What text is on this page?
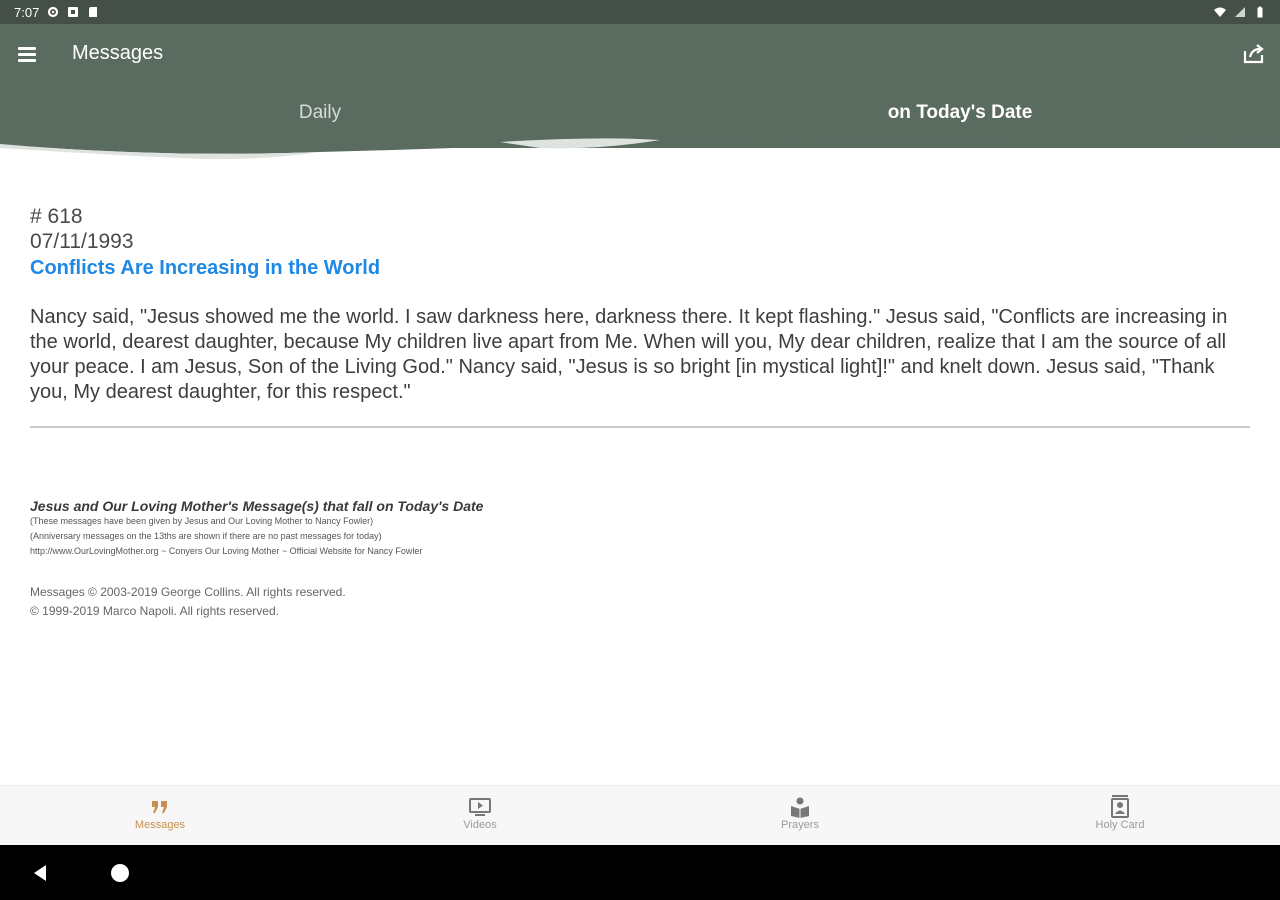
7:07
Messages
Daily	on Today's Date
# 618
07/11/1993
Conflicts Are Increasing in the World
Nancy said, "Jesus showed me the world. I saw darkness here, darkness there. It kept flashing." Jesus said, "Conflicts are increasing in the world, dearest daughter, because My children live apart from Me. When will you, My dear children, realize that I am the source of all your peace. I am Jesus, Son of the Living God." Nancy said, "Jesus is so bright [in mystical light]!" and knelt down. Jesus said, "Thank you, My dearest daughter, for this respect."
Jesus and Our Loving Mother's Message(s) that fall on Today's Date
(These messages have been given by Jesus and Our Loving Mother to Nancy Fowler)
(Anniversary messages on the 13ths are shown if there are no past messages for today)
http://www.OurLovingMother.org ~ Conyers Our Loving Mother ~ Official Website for Nancy Fowler
Messages © 2003-2019 George Collins. All rights reserved.
© 1999-2019 Marco Napoli. All rights reserved.
Messages	Videos	Prayers	Holy Card
